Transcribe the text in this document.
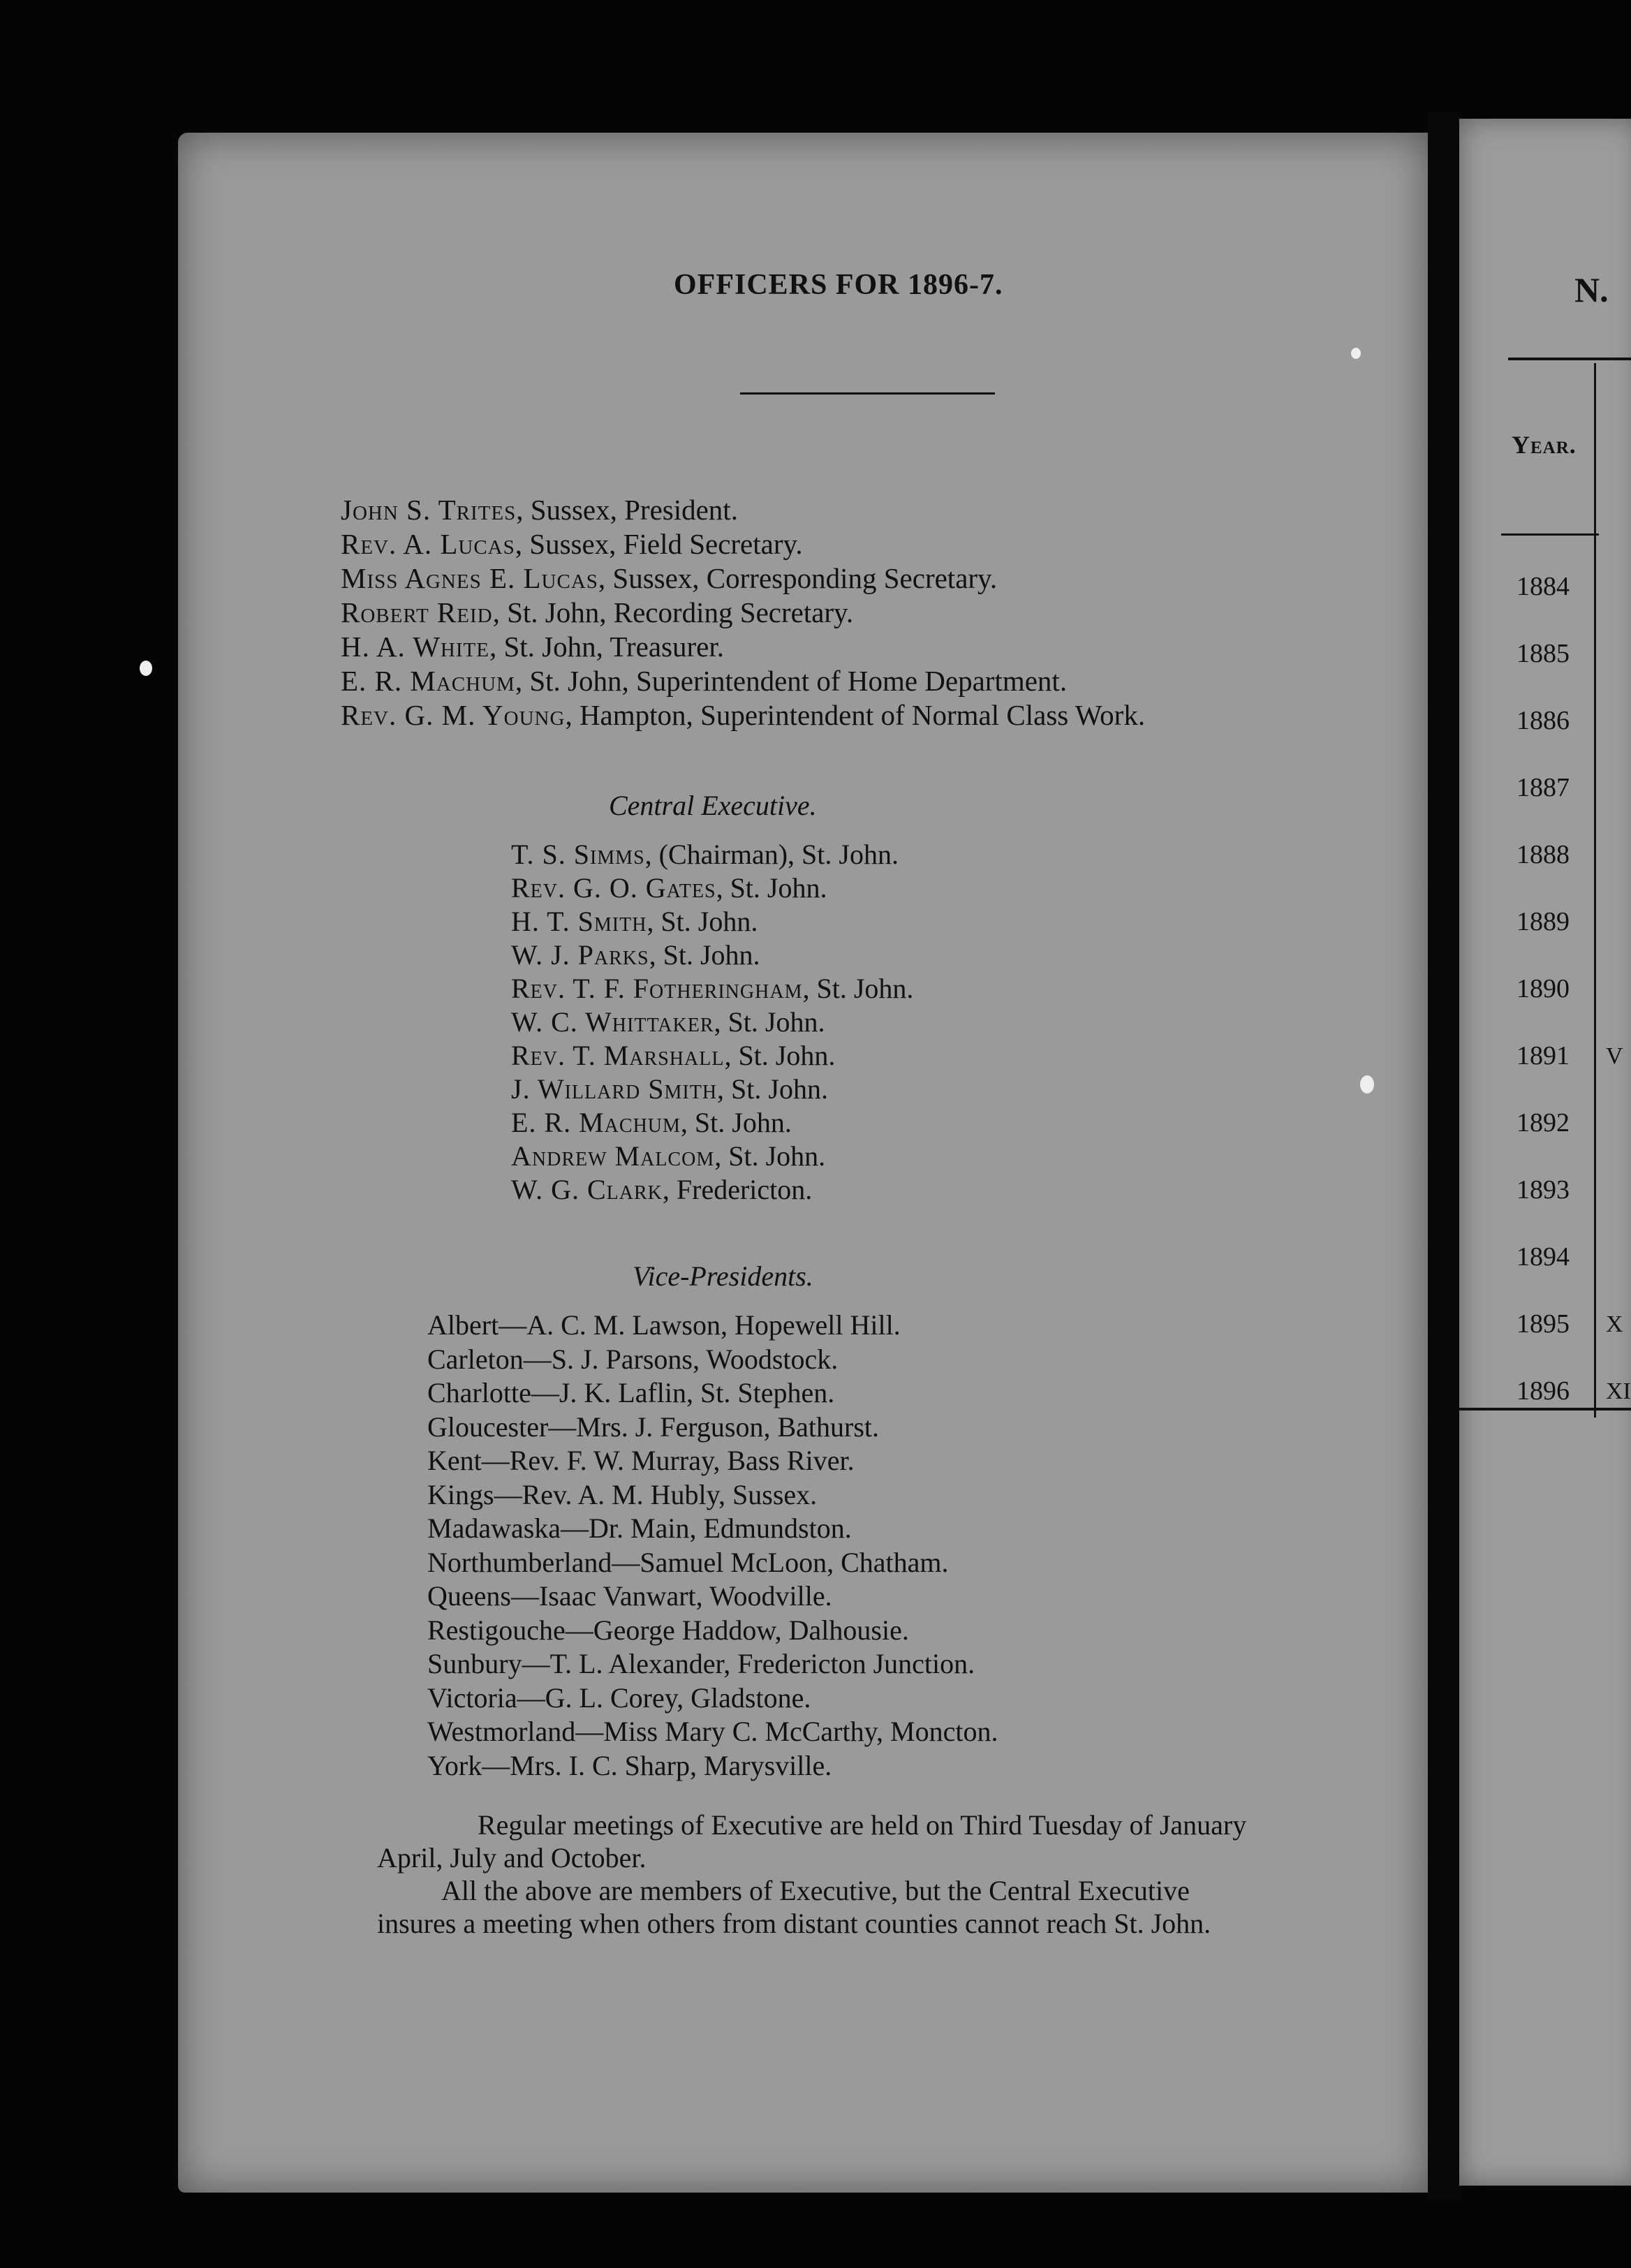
OFFICERS FOR 1896-7.
John S. Trites, Sussex, President.
Rev. A. Lucas, Sussex, Field Secretary.
Miss Agnes E. Lucas, Sussex, Corresponding Secretary.
Robert Reid, St. John, Recording Secretary.
H. A. White, St. John, Treasurer.
E. R. Machum, St. John, Superintendent of Home Department.
Rev. G. M. Young, Hampton, Superintendent of Normal Class Work.
Central Executive.
T. S. Simms, (Chairman), St. John.
Rev. G. O. Gates, St. John.
H. T. Smith, St. John.
W. J. Parks, St. John.
Rev. T. F. Fotheringham, St. John.
W. C. Whittaker, St. John.
Rev. T. Marshall, St. John.
J. Willard Smith, St. John.
E. R. Machum, St. John.
Andrew Malcom, St. John.
W. G. Clark, Fredericton.
Vice-Presidents.
Albert—A. C. M. Lawson, Hopewell Hill.
Carleton—S. J. Parsons, Woodstock.
Charlotte—J. K. Laflin, St. Stephen.
Gloucester—Mrs. J. Ferguson, Bathurst.
Kent—Rev. F. W. Murray, Bass River.
Kings—Rev. A. M. Hubly, Sussex.
Madawaska—Dr. Main, Edmundston.
Northumberland—Samuel McLoon, Chatham.
Queens—Isaac Vanwart, Woodville.
Restigouche—George Haddow, Dalhousie.
Sunbury—T. L. Alexander, Fredericton Junction.
Victoria—G. L. Corey, Gladstone.
Westmorland—Miss Mary C. McCarthy, Moncton.
York—Mrs. I. C. Sharp, Marysville.

Regular meetings of Executive are held on Third Tuesday of January

April, July and October.

All the above are members of Executive, but the Central Executive

insures a meeting when others from distant counties cannot reach St. John.

N.
Year.
1884
1885
1886
1887
1888
1889
1890
1891
1892
1893
1894
1895
1896
V
X
XI
